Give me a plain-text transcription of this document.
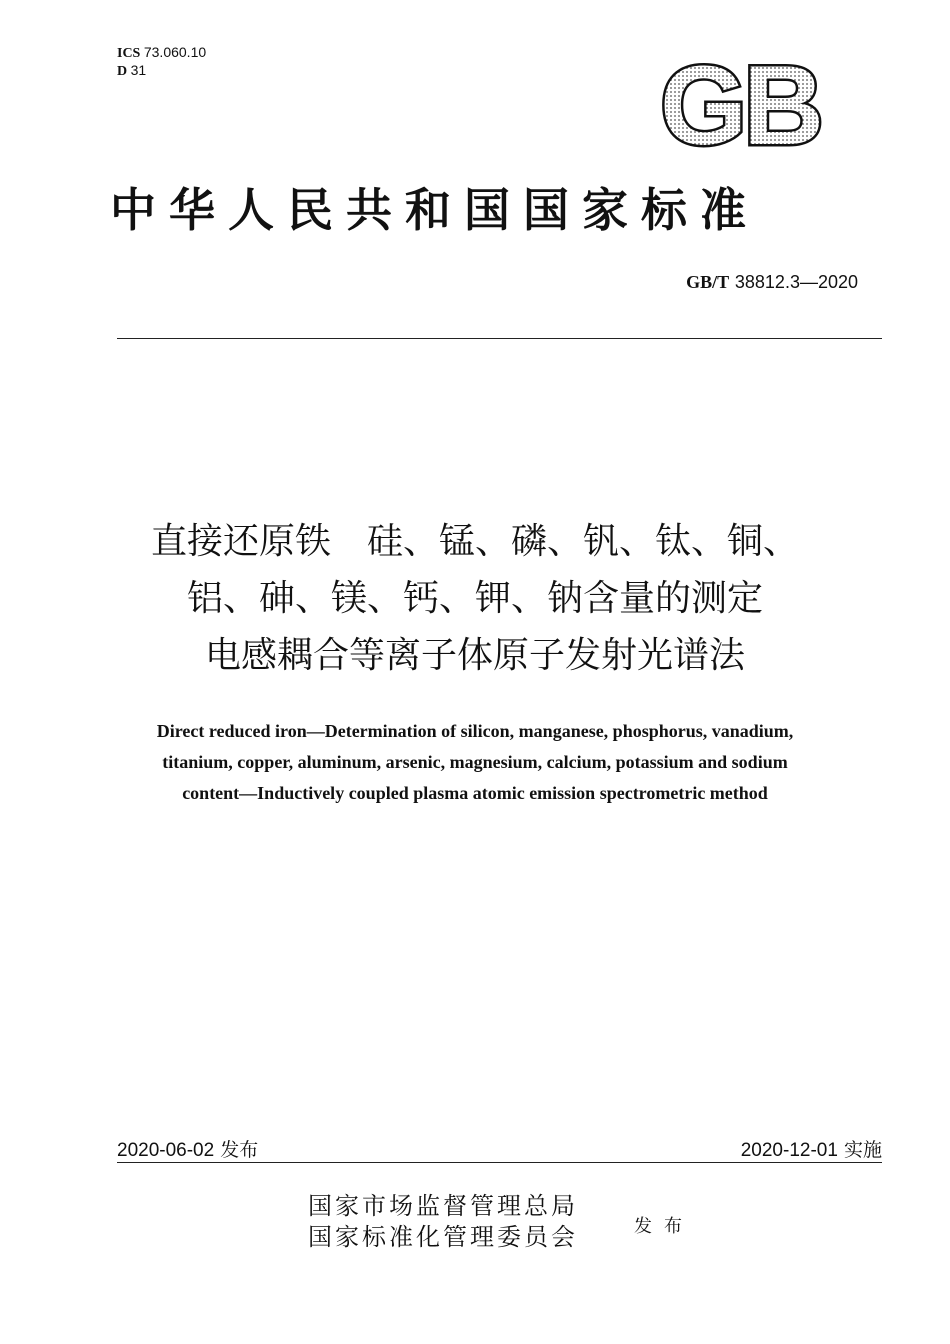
ICS 73.060.10
D 31	GB
中华人民共和国国家标准
GB/T 38812.3—2020
直接还原铁　硅、锰、磷、钒、钛、铜、
铝、砷、镁、钙、钾、钠含量的测定
电感耦合等离子体原子发射光谱法
Direct reduced iron—Determination of silicon, manganese, phosphorus, vanadium,
titanium, copper, aluminum, arsenic, magnesium, calcium, potassium and sodium
content—Inductively coupled plasma atomic emission spectrometric method
2020-06-02 发布	2020-12-01 实施
国家市场监督管理总局
国家标准化管理委员会	发布
